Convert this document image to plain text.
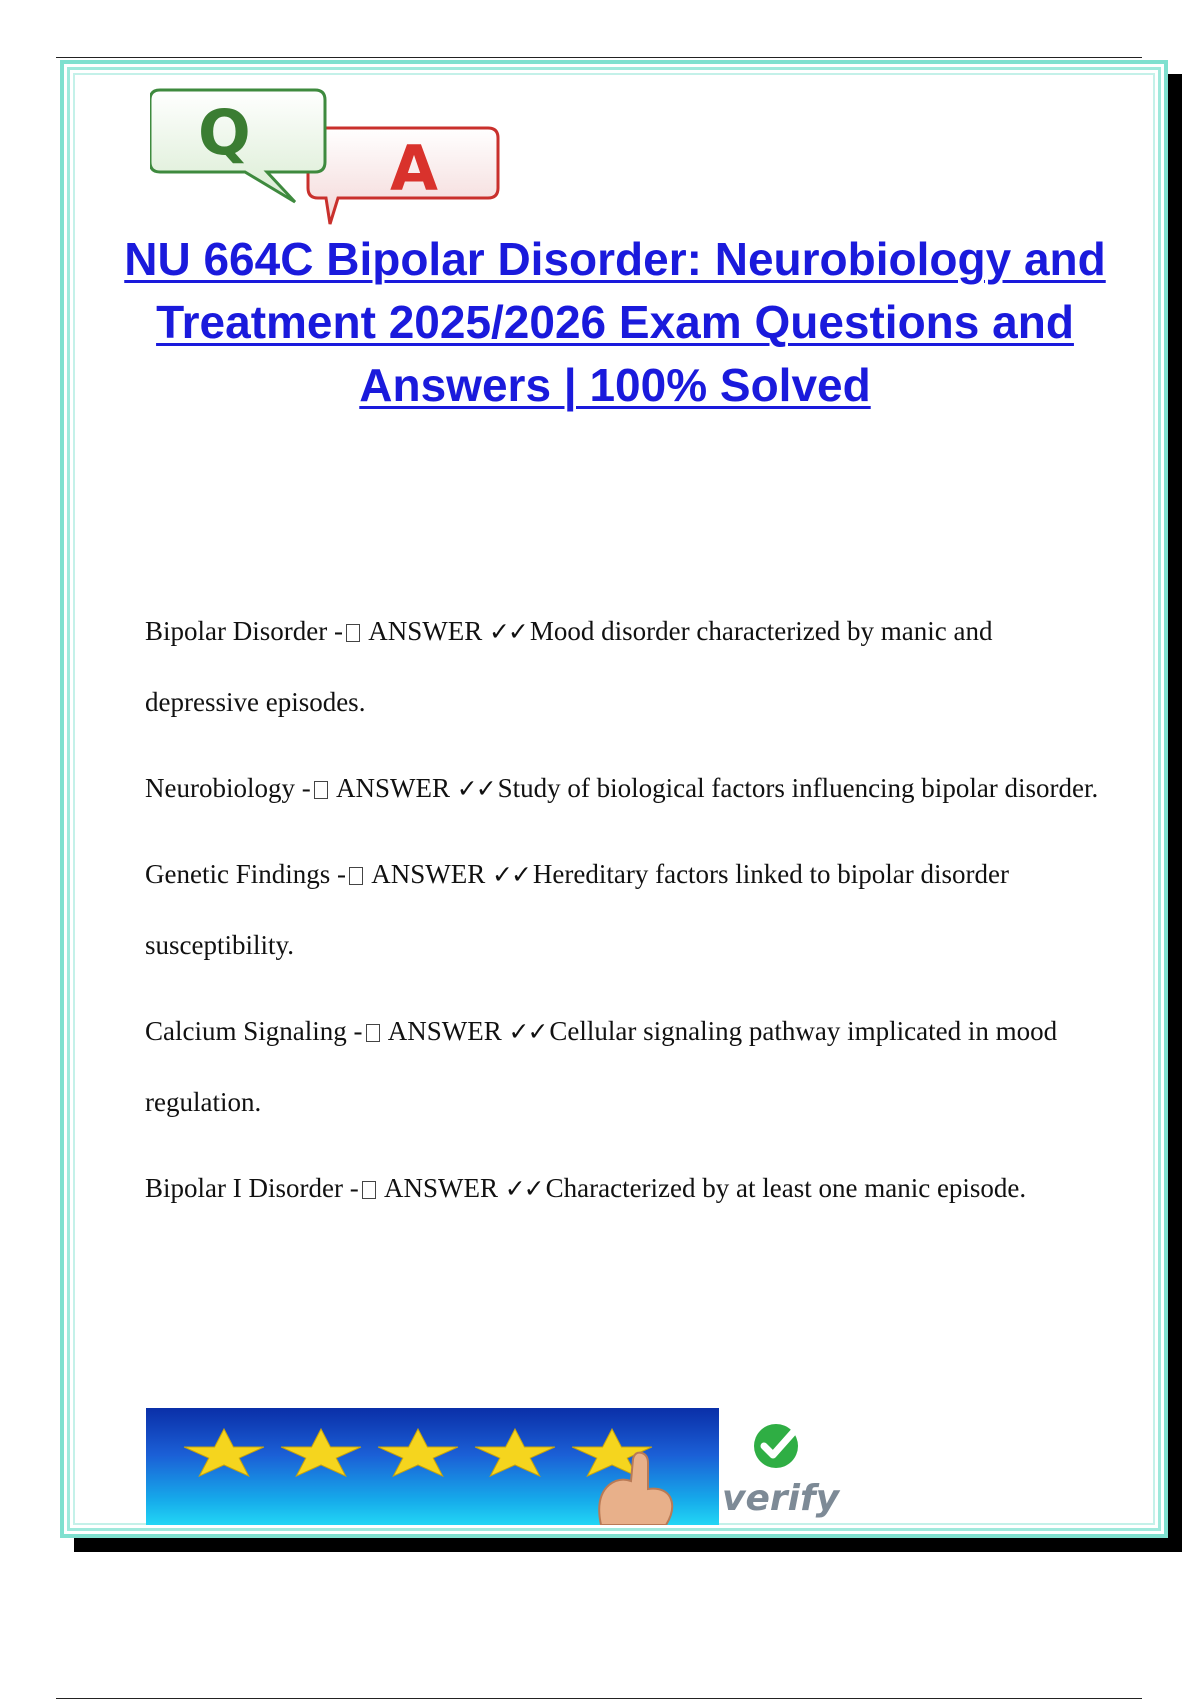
A
Q
NU 664C Bipolar Disorder: Neurobiology and Treatment 2025/2026 Exam Questions and Answers | 100% Solved
Bipolar Disorder - ANSWER ✓✓ Mood disorder characterized by manic and depressive episodes.
Neurobiology - ANSWER ✓✓ Study of biological factors influencing bipolar disorder.
Genetic Findings - ANSWER ✓✓ Hereditary factors linked to bipolar disorder susceptibility.
Calcium Signaling - ANSWER ✓✓ Cellular signaling pathway implicated in mood regulation.
Bipolar I Disorder - ANSWER ✓✓ Characterized by at least one manic episode.
verify
